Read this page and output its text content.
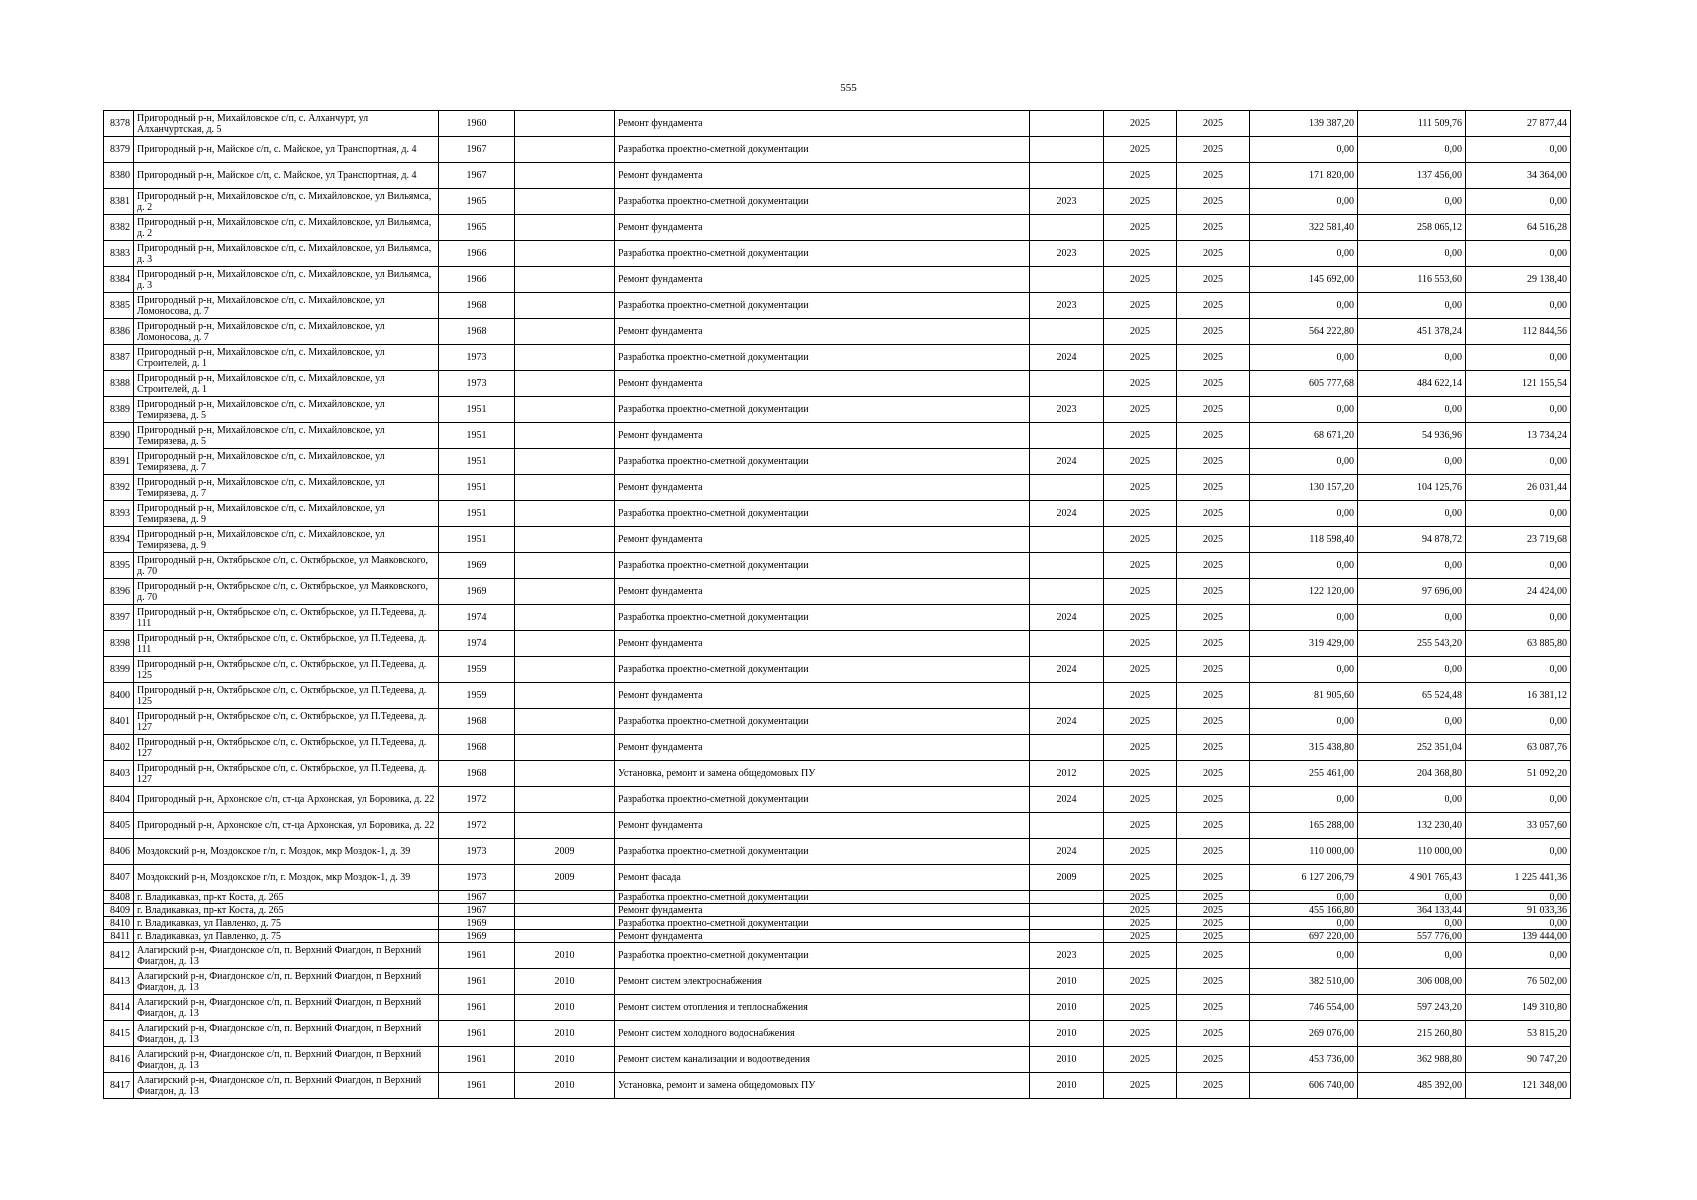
555
8378	Пригородный р-н, Михайловское с/п, с. Алханчурт, ул Алханчуртская, д. 5	1960		Ремонт фундамента		2025	2025	139 387,20	111 509,76	27 877,44
8379	Пригородный р-н, Майское с/п, с. Майское, ул Транспортная, д. 4	1967		Разработка проектно-сметной документации		2025	2025	0,00	0,00	0,00
8380	Пригородный р-н, Майское с/п, с. Майское, ул Транспортная, д. 4	1967		Ремонт фундамента		2025	2025	171 820,00	137 456,00	34 364,00
8381	Пригородный р-н, Михайловское с/п, с. Михайловское, ул Вильямса, д. 2	1965		Разработка проектно-сметной документации	2023	2025	2025	0,00	0,00	0,00
8382	Пригородный р-н, Михайловское с/п, с. Михайловское, ул Вильямса, д. 2	1965		Ремонт фундамента		2025	2025	322 581,40	258 065,12	64 516,28
8383	Пригородный р-н, Михайловское с/п, с. Михайловское, ул Вильямса, д. 3	1966		Разработка проектно-сметной документации	2023	2025	2025	0,00	0,00	0,00
8384	Пригородный р-н, Михайловское с/п, с. Михайловское, ул Вильямса, д. 3	1966		Ремонт фундамента		2025	2025	145 692,00	116 553,60	29 138,40
8385	Пригородный р-н, Михайловское с/п, с. Михайловское, ул Ломоносова, д. 7	1968		Разработка проектно-сметной документации	2023	2025	2025	0,00	0,00	0,00
8386	Пригородный р-н, Михайловское с/п, с. Михайловское, ул Ломоносова, д. 7	1968		Ремонт фундамента		2025	2025	564 222,80	451 378,24	112 844,56
8387	Пригородный р-н, Михайловское с/п, с. Михайловское, ул Строителей, д. 1	1973		Разработка проектно-сметной документации	2024	2025	2025	0,00	0,00	0,00
8388	Пригородный р-н, Михайловское с/п, с. Михайловское, ул Строителей, д. 1	1973		Ремонт фундамента		2025	2025	605 777,68	484 622,14	121 155,54
8389	Пригородный р-н, Михайловское с/п, с. Михайловское, ул Темирязева, д. 5	1951		Разработка проектно-сметной документации	2023	2025	2025	0,00	0,00	0,00
8390	Пригородный р-н, Михайловское с/п, с. Михайловское, ул Темирязева, д. 5	1951		Ремонт фундамента		2025	2025	68 671,20	54 936,96	13 734,24
8391	Пригородный р-н, Михайловское с/п, с. Михайловское, ул Темирязева, д. 7	1951		Разработка проектно-сметной документации	2024	2025	2025	0,00	0,00	0,00
8392	Пригородный р-н, Михайловское с/п, с. Михайловское, ул Темирязева, д. 7	1951		Ремонт фундамента		2025	2025	130 157,20	104 125,76	26 031,44
8393	Пригородный р-н, Михайловское с/п, с. Михайловское, ул Темирязева, д. 9	1951		Разработка проектно-сметной документации	2024	2025	2025	0,00	0,00	0,00
8394	Пригородный р-н, Михайловское с/п, с. Михайловское, ул Темирязева, д. 9	1951		Ремонт фундамента		2025	2025	118 598,40	94 878,72	23 719,68
8395	Пригородный р-н, Октябрьское с/п, с. Октябрьское, ул Маяковского, д. 70	1969		Разработка проектно-сметной документации		2025	2025	0,00	0,00	0,00
8396	Пригородный р-н, Октябрьское с/п, с. Октябрьское, ул Маяковского, д. 70	1969		Ремонт фундамента		2025	2025	122 120,00	97 696,00	24 424,00
8397	Пригородный р-н, Октябрьское с/п, с. Октябрьское, ул П.Тедеева, д. 111	1974		Разработка проектно-сметной документации	2024	2025	2025	0,00	0,00	0,00
8398	Пригородный р-н, Октябрьское с/п, с. Октябрьское, ул П.Тедеева, д. 111	1974		Ремонт фундамента		2025	2025	319 429,00	255 543,20	63 885,80
8399	Пригородный р-н, Октябрьское с/п, с. Октябрьское, ул П.Тедеева, д. 125	1959		Разработка проектно-сметной документации	2024	2025	2025	0,00	0,00	0,00
8400	Пригородный р-н, Октябрьское с/п, с. Октябрьское, ул П.Тедеева, д. 125	1959		Ремонт фундамента		2025	2025	81 905,60	65 524,48	16 381,12
8401	Пригородный р-н, Октябрьское с/п, с. Октябрьское, ул П.Тедеева, д. 127	1968		Разработка проектно-сметной документации	2024	2025	2025	0,00	0,00	0,00
8402	Пригородный р-н, Октябрьское с/п, с. Октябрьское, ул П.Тедеева, д. 127	1968		Ремонт фундамента		2025	2025	315 438,80	252 351,04	63 087,76
8403	Пригородный р-н, Октябрьское с/п, с. Октябрьское, ул П.Тедеева, д. 127	1968		Установка, ремонт и замена общедомовых ПУ	2012	2025	2025	255 461,00	204 368,80	51 092,20
8404	Пригородный р-н, Архонское с/п, ст-ца Архонская, ул Боровика, д. 22	1972		Разработка проектно-сметной документации	2024	2025	2025	0,00	0,00	0,00
8405	Пригородный р-н, Архонское с/п, ст-ца Архонская, ул Боровика, д. 22	1972		Ремонт фундамента		2025	2025	165 288,00	132 230,40	33 057,60
8406	Моздокский р-н, Моздокское г/п, г. Моздок, мкр Моздок-1, д. 39	1973	2009	Разработка проектно-сметной документации	2024	2025	2025	110 000,00	110 000,00	0,00
8407	Моздокский р-н, Моздокское г/п, г. Моздок, мкр Моздок-1, д. 39	1973	2009	Ремонт фасада	2009	2025	2025	6 127 206,79	4 901 765,43	1 225 441,36
8408	г. Владикавказ, пр-кт Коста, д. 265	1967		Разработка проектно-сметной документации		2025	2025	0,00	0,00	0,00
8409	г. Владикавказ, пр-кт Коста, д. 265	1967		Ремонт фундамента		2025	2025	455 166,80	364 133,44	91 033,36
8410	г. Владикавказ, ул Павленко, д. 75	1969		Разработка проектно-сметной документации		2025	2025	0,00	0,00	0,00
8411	г. Владикавказ, ул Павленко, д. 75	1969		Ремонт фундамента		2025	2025	697 220,00	557 776,00	139 444,00
8412	Алагирский р-н, Фиагдонское с/п, п. Верхний Фиагдон, п Верхний Фиагдон, д. 13	1961	2010	Разработка проектно-сметной документации	2023	2025	2025	0,00	0,00	0,00
8413	Алагирский р-н, Фиагдонское с/п, п. Верхний Фиагдон, п Верхний Фиагдон, д. 13	1961	2010	Ремонт систем электроснабжения	2010	2025	2025	382 510,00	306 008,00	76 502,00
8414	Алагирский р-н, Фиагдонское с/п, п. Верхний Фиагдон, п Верхний Фиагдон, д. 13	1961	2010	Ремонт систем отопления и теплоснабжения	2010	2025	2025	746 554,00	597 243,20	149 310,80
8415	Алагирский р-н, Фиагдонское с/п, п. Верхний Фиагдон, п Верхний Фиагдон, д. 13	1961	2010	Ремонт систем холодного водоснабжения	2010	2025	2025	269 076,00	215 260,80	53 815,20
8416	Алагирский р-н, Фиагдонское с/п, п. Верхний Фиагдон, п Верхний Фиагдон, д. 13	1961	2010	Ремонт систем канализации и водоотведения	2010	2025	2025	453 736,00	362 988,80	90 747,20
8417	Алагирский р-н, Фиагдонское с/п, п. Верхний Фиагдон, п Верхний Фиагдон, д. 13	1961	2010	Установка, ремонт и замена общедомовых ПУ	2010	2025	2025	606 740,00	485 392,00	121 348,00
